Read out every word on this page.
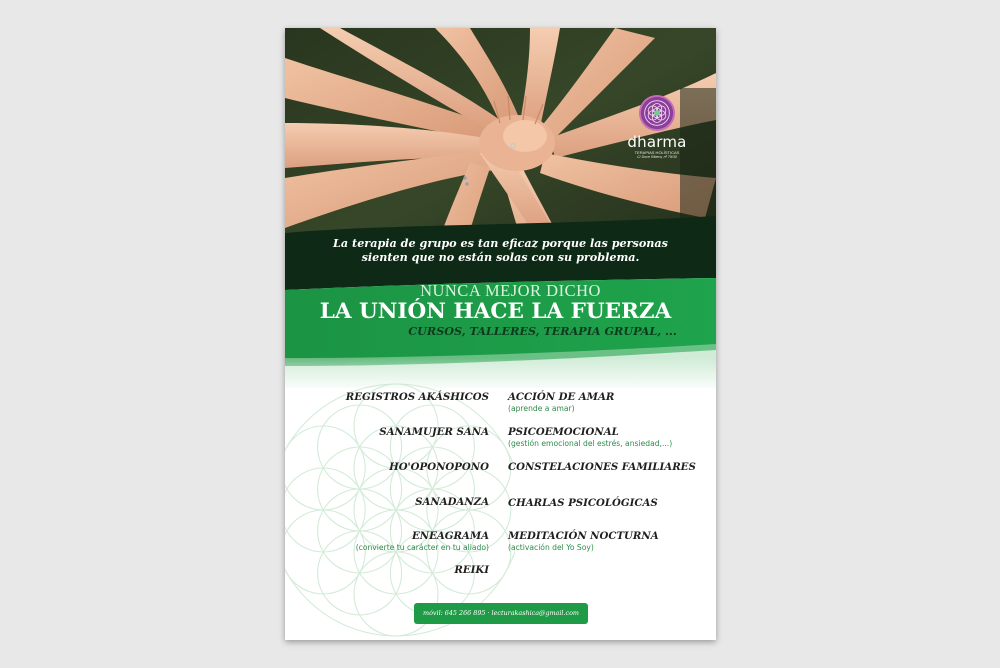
dharma
TERAPIAS HOLÍSTICAS
C/ Doce Ribera, nº 79/30
La terapia de grupo es tan eficaz porque las personas
sienten que no están solas con su problema.
NUNCA MEJOR DICHO
LA UNIÓN HACE LA FUERZA
CURSOS, TALLERES, TERAPIA GRUPAL, ...
REGISTROS AKÁSHICOS
SANAMUJER SANA
HO'OPONOPONO
SANADANZA
ENEAGRAMA
(convierte tu carácter en tu aliado)
REIKI
ACCIÓN DE AMAR
(aprende a amar)
PSICOEMOCIONAL
(gestión emocional del estrés, ansiedad,...)
CONSTELACIONES FAMILIARES
CHARLAS PSICOLÓGICAS
MEDITACIÓN NOCTURNA
(activación del Yo Soy)
móvil: 645 266 895 · lecturakashica@gmail.com
